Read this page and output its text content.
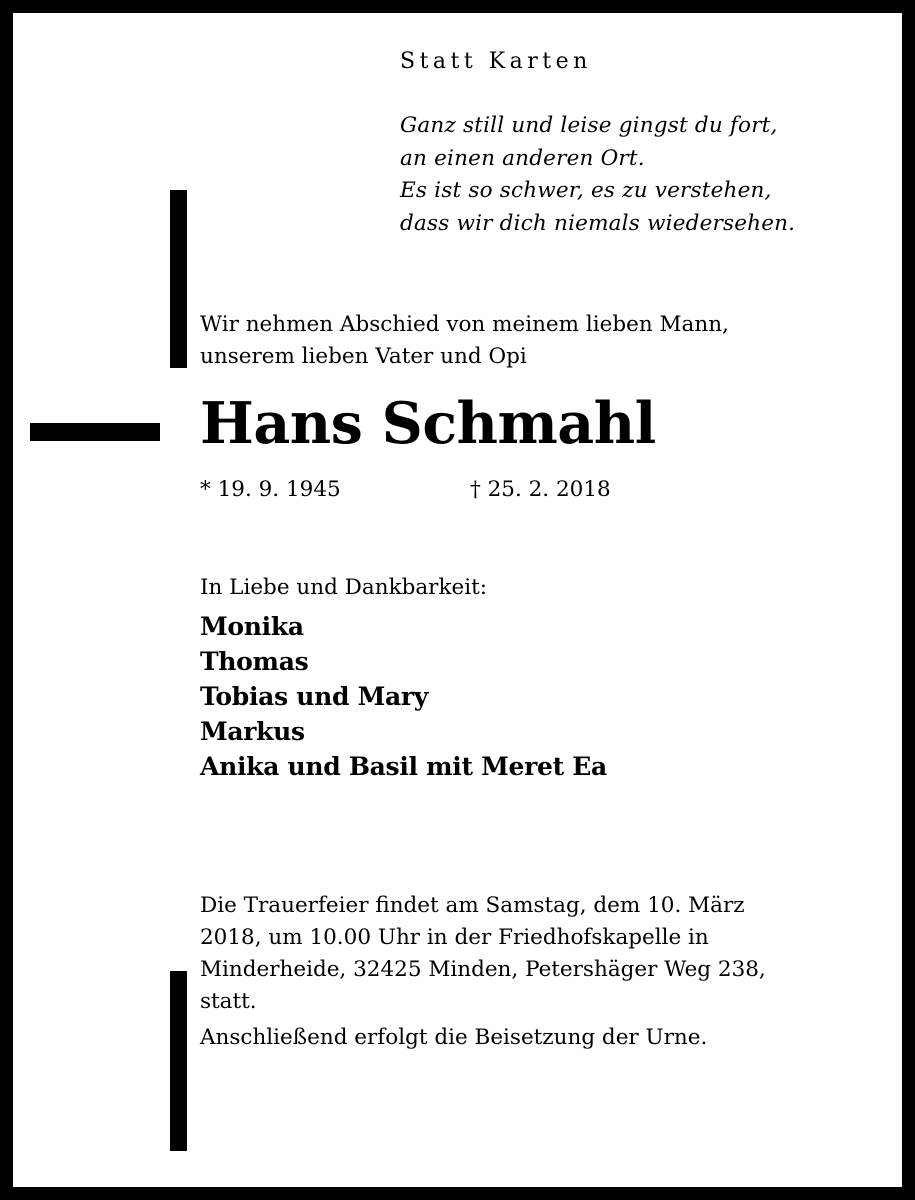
Statt Karten
Ganz still und leise gingst du fort,
an einen anderen Ort.
Es ist so schwer, es zu verstehen,
dass wir dich niemals wiedersehen.
Wir nehmen Abschied von meinem lieben Mann,
unserem lieben Vater und Opi
Hans Schmahl
* 19. 9. 1945	† 25. 2. 2018
In Liebe und Dankbarkeit:
Monika
Thomas
Tobias und Mary
Markus
Anika und Basil mit Meret Ea
Die Trauerfeier findet am Samstag, dem 10. März
2018, um 10.00 Uhr in der Friedhofskapelle in
Minderheide, 32425 Minden, Petershäger Weg 238,
statt.
Anschließend erfolgt die Beisetzung der Urne.
